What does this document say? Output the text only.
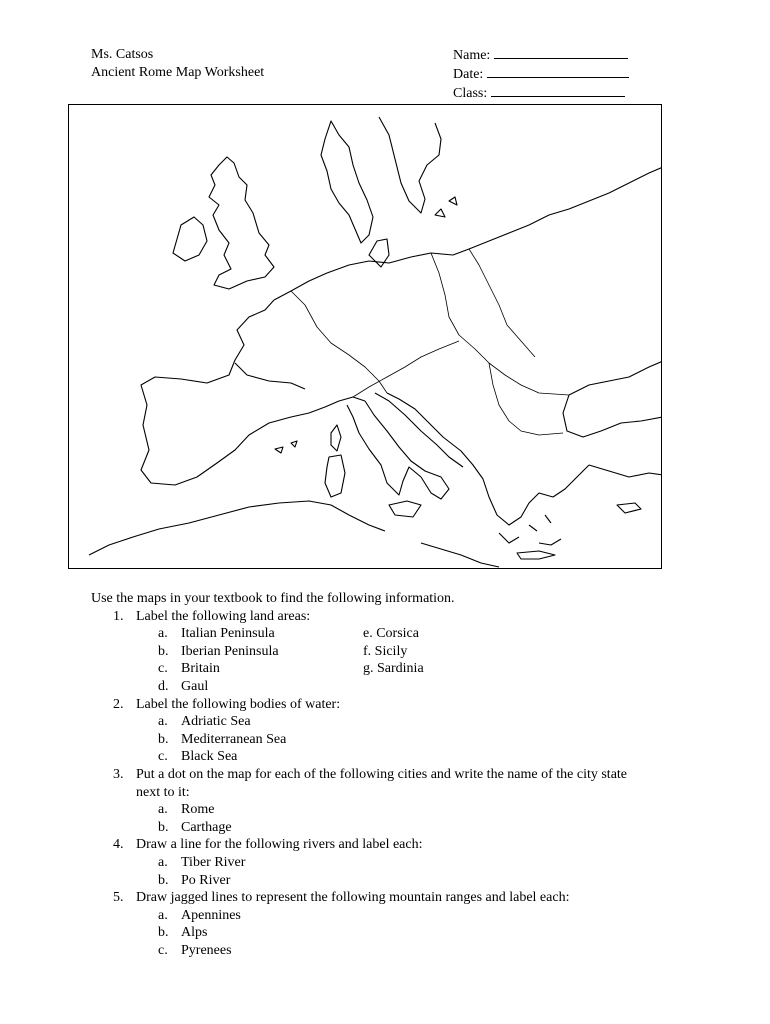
Ms. Catsos
Ancient Rome Map Worksheet
Name:
Date:
Class:
Use the maps in your textbook to find the following information.
1. Label the following land areas:
a. Italian Peninsula	e. Corsica
b. Iberian Peninsula	f. Sicily
c. Britain	g. Sardinia
d. Gaul
2. Label the following bodies of water:
a. Adriatic Sea
b. Mediterranean Sea
c. Black Sea
3. Put a dot on the map for each of the following cities and write the name of the city state
next to it:
a. Rome
b. Carthage
4. Draw a line for the following rivers and label each:
a. Tiber River
b. Po River
5. Draw jagged lines to represent the following mountain ranges and label each:
a. Apennines
b. Alps
c. Pyrenees
